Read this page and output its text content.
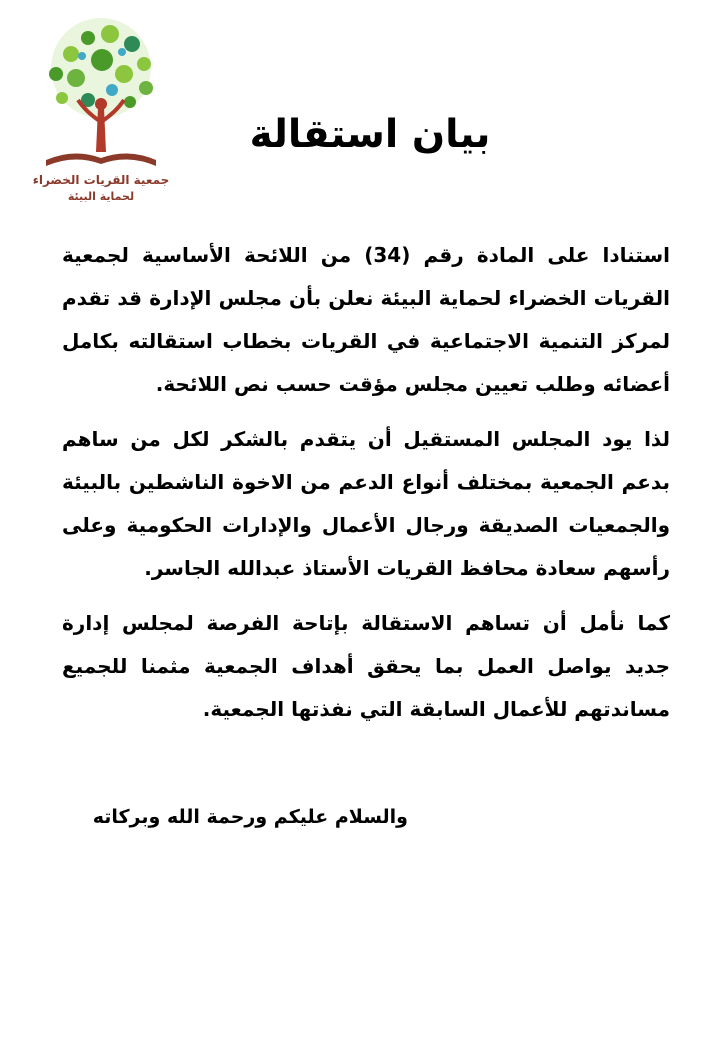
جمعية القريات الخضراء
لحماية البيئة
بيان استقالة

استنادا على المادة رقم (34) من اللائحة الأساسية لجمعية القريات الخضراء لحماية البيئة نعلن بأن مجلس الإدارة قد تقدم لمركز التنمية الاجتماعية في القريات بخطاب استقالته بكامل أعضائه وطلب تعيين مجلس مؤقت حسب نص اللائحة.

لذا يود المجلس المستقيل أن يتقدم بالشكر لكل من ساهم بدعم الجمعية بمختلف أنواع الدعم من الاخوة الناشطين بالبيئة والجمعيات الصديقة ورجال الأعمال والإدارات الحكومية وعلى رأسهم سعادة محافظ القريات الأستاذ عبدالله الجاسر.

كما نأمل أن تساهم الاستقالة بإتاحة الفرصة لمجلس إدارة جديد يواصل العمل بما يحقق أهداف الجمعية مثمنا للجميع مساندتهم للأعمال السابقة التي نفذتها الجمعية.

والسلام عليكم ورحمة الله وبركاته
